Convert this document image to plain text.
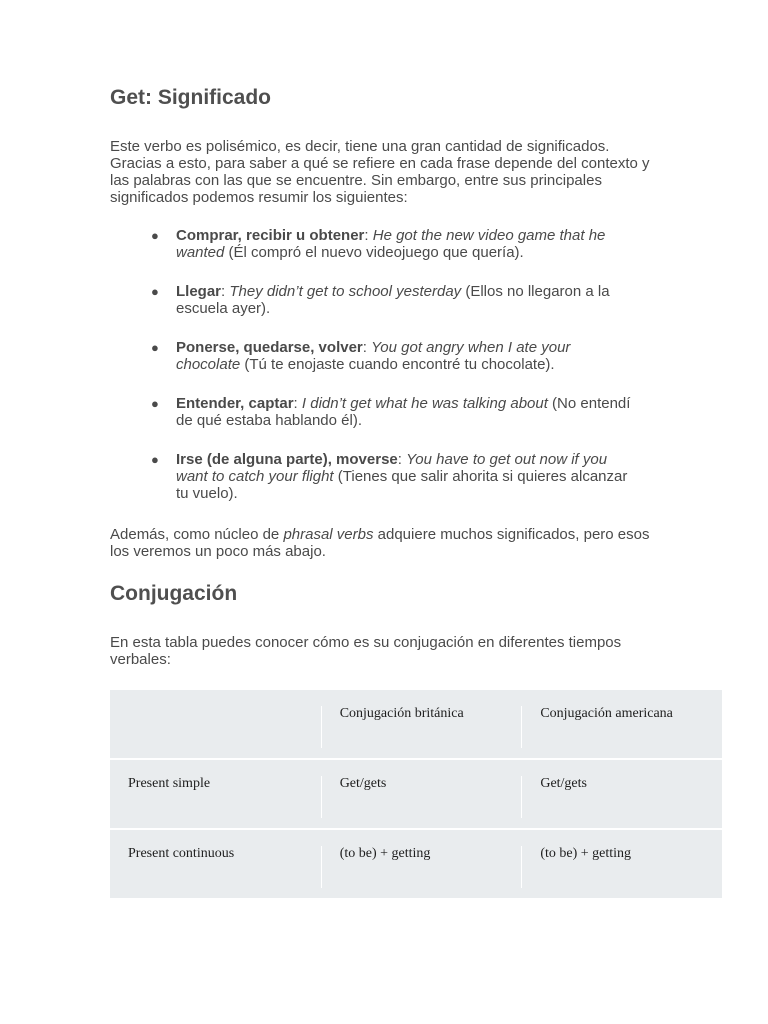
Get: Significado

Este verbo es polisémico, es decir, tiene una gran cantidad de significados. Gracias a esto, para saber a qué se refiere en cada frase depende del contexto y las palabras con las que se encuentre. Sin embargo, entre sus principales significados podemos resumir los siguientes:

● Comprar, recibir u obtener: He got the new video game that he wanted (Él compró el nuevo videojuego que quería).
● Llegar: They didn’t get to school yesterday (Ellos no llegaron a la escuela ayer).
● Ponerse, quedarse, volver: You got angry when I ate your chocolate (Tú te enojaste cuando encontré tu chocolate).
● Entender, captar: I didn’t get what he was talking about (No entendí de qué estaba hablando él).
● Irse (de alguna parte), moverse: You have to get out now if you want to catch your flight (Tienes que salir ahorita si quieres alcanzar tu vuelo).

Además, como núcleo de phrasal verbs adquiere muchos significados, pero esos los veremos un poco más abajo.

Conjugación

En esta tabla puedes conocer cómo es su conjugación en diferentes tiempos verbales:

	Conjugación británica	Conjugación americana

Present simple	Get/gets	Get/gets

Present continuous	(to be) + getting	(to be) + getting
